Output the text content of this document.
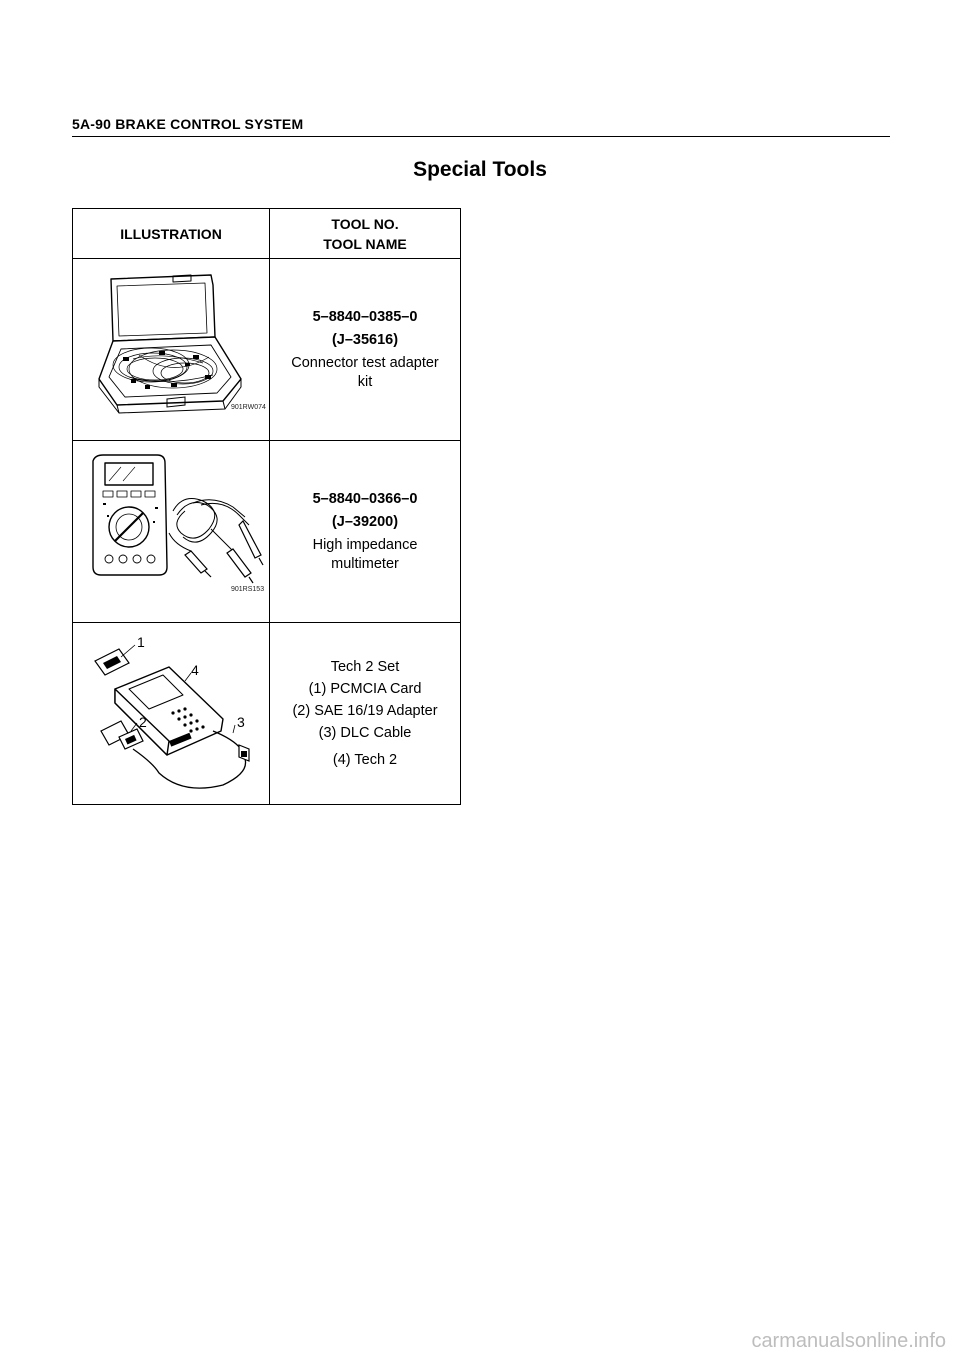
5A-90 BRAKE CONTROL SYSTEM
Special Tools
ILLUSTRATION	TOOL NO.
TOOL NAME

901RW074	5–8840–0385–0
(J–35616)
Connector test adapter
kit

901RS153	5–8840–0366–0
(J–39200)
High impedance
multimeter

1
2 3
4	Tech 2 Set
(1) PCMCIA Card
(2) SAE 16/19 Adapter
(3) DLC Cable
(4) Tech 2
carmanualsonline.info
